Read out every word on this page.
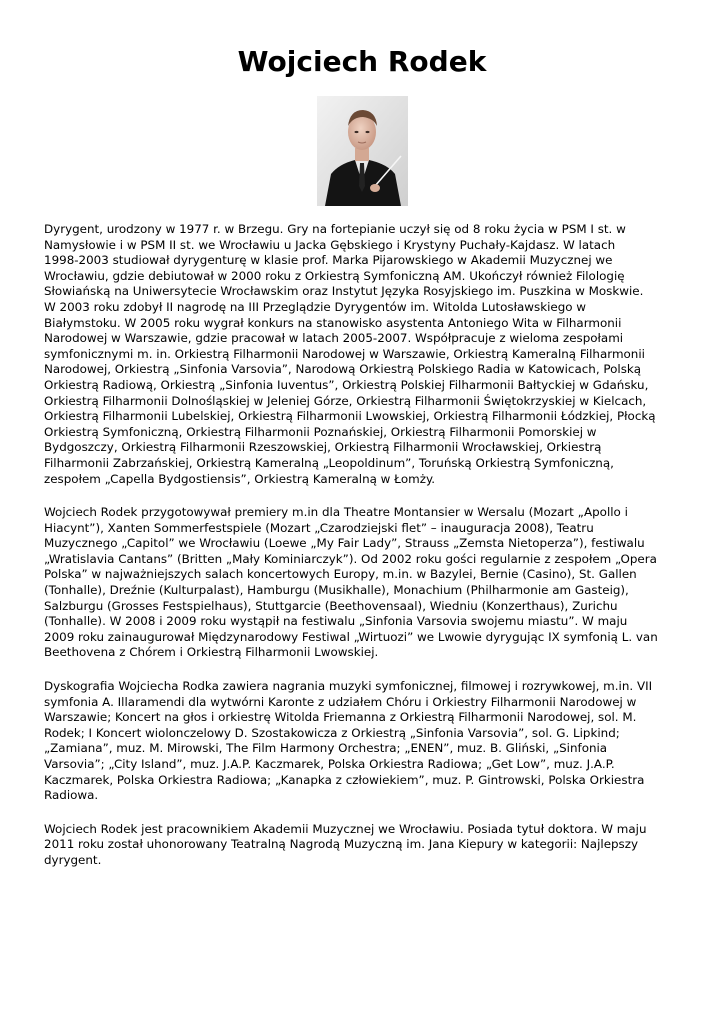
Wojciech Rodek

Dyrygent, urodzony w 1977 r. w Brzegu. Gry na fortepianie uczył się od 8 roku życia w PSM I st. w
Namysłowie i w PSM II st. we Wrocławiu u Jacka Gębskiego i Krystyny Puchały-Kajdasz. W latach
1998-2003 studiował dyrygenturę w klasie prof. Marka Pijarowskiego w Akademii Muzycznej we
Wrocławiu, gdzie debiutował w 2000 roku z Orkiestrą Symfoniczną AM. Ukończył również Filologię
Słowiańską na Uniwersytecie Wrocławskim oraz Instytut Języka Rosyjskiego im. Puszkina w Moskwie.
W 2003 roku zdobył II nagrodę na III Przeglądzie Dyrygentów im. Witolda Lutosławskiego w
Białymstoku. W 2005 roku wygrał konkurs na stanowisko asystenta Antoniego Wita w Filharmonii
Narodowej w Warszawie, gdzie pracował w latach 2005-2007. Współpracuje z wieloma zespołami
symfonicznymi m. in. Orkiestrą Filharmonii Narodowej w Warszawie, Orkiestrą Kameralną Filharmonii
Narodowej, Orkiestrą „Sinfonia Varsovia”, Narodową Orkiestrą Polskiego Radia w Katowicach, Polską
Orkiestrą Radiową, Orkiestrą „Sinfonia Iuventus”, Orkiestrą Polskiej Filharmonii Bałtyckiej w Gdańsku,
Orkiestrą Filharmonii Dolnośląskiej w Jeleniej Górze, Orkiestrą Filharmonii Świętokrzyskiej w Kielcach,
Orkiestrą Filharmonii Lubelskiej, Orkiestrą Filharmonii Lwowskiej, Orkiestrą Filharmonii Łódzkiej, Płocką
Orkiestrą Symfoniczną, Orkiestrą Filharmonii Poznańskiej, Orkiestrą Filharmonii Pomorskiej w
Bydgoszczy, Orkiestrą Filharmonii Rzeszowskiej, Orkiestrą Filharmonii Wrocławskiej, Orkiestrą
Filharmonii Zabrzańskiej, Orkiestrą Kameralną „Leopoldinum”, Toruńską Orkiestrą Symfoniczną,
zespołem „Capella Bydgostiensis”, Orkiestrą Kameralną w Łomży.

Wojciech Rodek przygotowywał premiery m.in dla Theatre Montansier w Wersalu (Mozart „Apollo i
Hiacynt”), Xanten Sommerfestspiele (Mozart „Czarodziejski flet” – inauguracja 2008), Teatru
Muzycznego „Capitol” we Wrocławiu (Loewe „My Fair Lady”, Strauss „Zemsta Nietoperza”), festiwalu
„Wratislavia Cantans” (Britten „Mały Kominiarczyk”). Od 2002 roku gości regularnie z zespołem „Opera
Polska” w najważniejszych salach koncertowych Europy, m.in. w Bazylei, Bernie (Casino), St. Gallen
(Tonhalle), Dreźnie (Kulturpalast), Hamburgu (Musikhalle), Monachium (Philharmonie am Gasteig),
Salzburgu (Grosses Festspielhaus), Stuttgarcie (Beethovensaal), Wiedniu (Konzerthaus), Zurichu
(Tonhalle). W 2008 i 2009 roku wystąpił na festiwalu „Sinfonia Varsovia swojemu miastu”. W maju
2009 roku zainaugurował Międzynarodowy Festiwal „Wirtuozi” we Lwowie dyrygując IX symfonią L. van
Beethovena z Chórem i Orkiestrą Filharmonii Lwowskiej.

Dyskografia Wojciecha Rodka zawiera nagrania muzyki symfonicznej, filmowej i rozrywkowej, m.in. VII
symfonia A. Illaramendi dla wytwórni Karonte z udziałem Chóru i Orkiestry Filharmonii Narodowej w
Warszawie; Koncert na głos i orkiestrę Witolda Friemanna z Orkiestrą Filharmonii Narodowej, sol. M.
Rodek; I Koncert wiolonczelowy D. Szostakowicza z Orkiestrą „Sinfonia Varsovia”, sol. G. Lipkind;
„Zamiana”, muz. M. Mirowski, The Film Harmony Orchestra; „ENEN”, muz. B. Gliński, „Sinfonia
Varsovia”; „City Island”, muz. J.A.P. Kaczmarek, Polska Orkiestra Radiowa; „Get Low”, muz. J.A.P.
Kaczmarek, Polska Orkiestra Radiowa; „Kanapka z człowiekiem”, muz. P. Gintrowski, Polska Orkiestra
Radiowa.

Wojciech Rodek jest pracownikiem Akademii Muzycznej we Wrocławiu. Posiada tytuł doktora. W maju
2011 roku został uhonorowany Teatralną Nagrodą Muzyczną im. Jana Kiepury w kategorii: Najlepszy
dyrygent.
